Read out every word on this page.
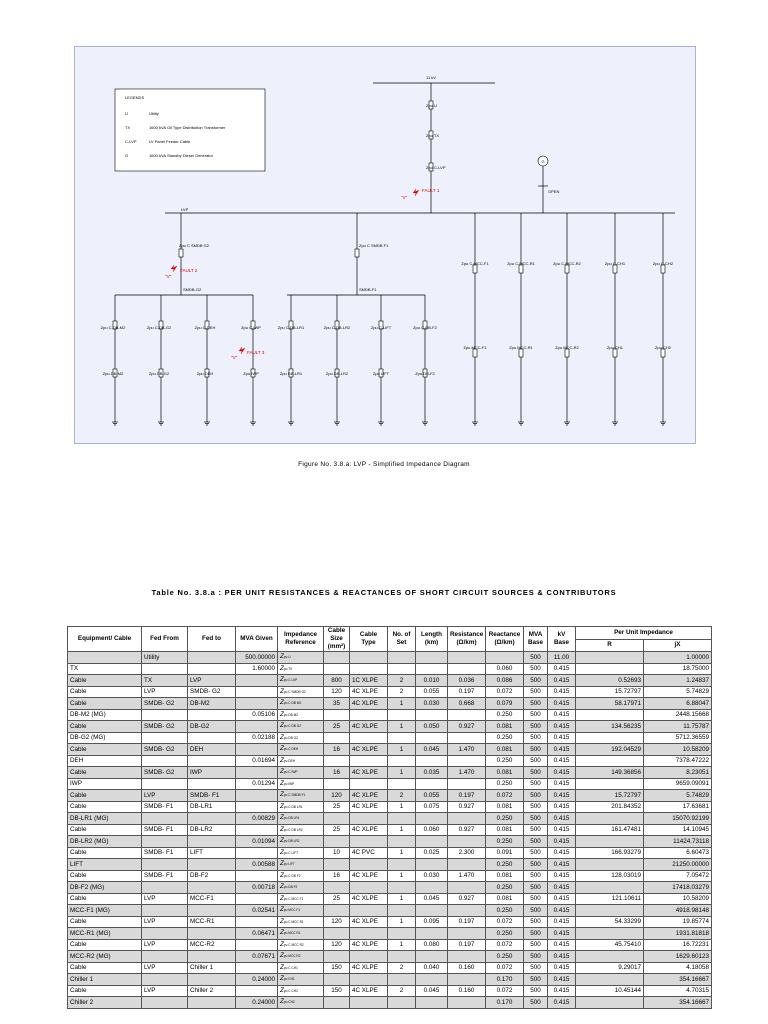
LEGENDS
U	Utility
TX	1600 kVA Oil Type Distribution Transformer
C-LVP	LV Panel Feeder Cable
G	1600 kVA Standby Diesel Generator
11 kV
Zpu U
Zpu TX
Zpu C-LVP
FAULT 1
"V"
G
OPEN
LVP
Zpu C SMDB G2
FAULT 2
"V"
SMDB-G2
Zpu C-DB-M2
Zpu DB-M2
Zpu C-DB-G2
Zpu DB-G2
Zpu C-DEH
Zpu DEH
Zpu C-IWP
Zpu IWP
FAULT 3
"V"
Zpu C SMDB F1
SMDB-F1
Zpu C-DB-LR1
Zpu DB-LR1
Zpu C-DB-LR2
Zpu DB-LR2
Zpu C-LIFT
Zpu LIFT
Zpu C-DB-F2
Zpu DB-F2
Zpu C-MCC-F1
Zpu MCC-F1
Zpu C-MCC-R1
Zpu MCC-R1
Zpu C-MCC-R2
Zpu MCC-R2
Zpu C-CH1
Zpu CH1
Zpu C-CH2
Zpu CH2
Figure No. 3.8.a: LVP - Simplified Impedance Diagram
Table No. 3.8.a : PER UNIT RESISTANCES & REACTANCES OF SHORT CIRCUIT SOURCES & CONTRIBUTORS
Equipment/ Cable	Fed From	Fed to	MVA Given	Impedance Reference	Cable Size (mm²)	Cable Type	No. of Set	Length (km)	Resistance (Ω/km)	Reactance (Ω/km)	MVA Base	kV Base	Per Unit Impedance	
													R	jX
	Utility		500.00000	Zpu U							500	11.00		1.00000
TX			1.60000	Zpu TX						0.060	500	0.415		18.75000
Cable	TX	LVP		Zpu C LVP	800	1C XLPE	2	0.010	0.036	0.086	500	0.415	0.52693	1.24837
Cable	LVP	SMDB- G2		Zpu C SMDB G2	120	4C XLPE	2	0.055	0.197	0.072	500	0.415	15.72797	5.74829
Cable	SMDB- G2	DB-M2		Zpu C DB M2	35	4C XLPE	1	0.030	0.668	0.079	500	0.415	58.17971	6.88047
DB-M2 (MG)			0.05106	Zpu DB M2						0.250	500	0.415		2448.15668
Cable	SMDB- G2	DB-G2		Zpu C DB G2	25	4C XLPE	1	0.050	0.927	0.081	500	0.415	134.56235	11.75787
DB-G2 (MG)			0.02188	Zpu DB G2						0.250	500	0.415		5712.36559
Cable	SMDB- G2	DEH		Zpu C DEH	16	4C XLPE	1	0.045	1.470	0.081	500	0.415	192.04529	10.58209
DEH			0.01694	Zpu DEH						0.250	500	0.415		7378.47222
Cable	SMDB- G2	IWP		Zpu C IWP	16	4C XLPE	1	0.035	1.470	0.081	500	0.415	149.36856	8.23051
IWP			0.01294	Zpu IWP						0.250	500	0.415		9659.09091
Cable	LVP	SMDB- F1		Zpu C SMDB F1	120	4C XLPE	2	0.055	0.197	0.072	500	0.415	15.72797	5.74829
Cable	SMDB- F1	DB-LR1		Zpu C DB LR1	25	4C XLPE	1	0.075	0.927	0.081	500	0.415	201.84352	17.63681
DB-LR1 (MG)			0.00829	Zpu DB LR1						0.250	500	0.415		15070.92199
Cable	SMDB- F1	DB-LR2		Zpu C DB LR2	25	4C XLPE	1	0.060	0.927	0.081	500	0.415	161.47481	14.10945
DB-LR2 (MG)			0.01094	Zpu DB LR2						0.250	500	0.415		11424.73118
Cable	SMDB- F1	LIFT		Zpu C LIFT	10	4C PVC	1	0.025	2.300	0.091	500	0.415	166.93279	6.60473
LIFT			0.00588	Zpu LIFT						0.250	500	0.415		21250.00000
Cable	SMDB- F1	DB-F2		Zpu C DB F2	16	4C XLPE	1	0.030	1.470	0.081	500	0.415	128.03019	7.05472
DB-F2 (MG)			0.00718	Zpu DB F2						0.250	500	0.415		17418.03279
Cable	LVP	MCC-F1		Zpu C MCC F1	25	4C XLPE	1	0.045	0.927	0.081	500	0.415	121.10611	10.58209
MCC-F1 (MG)			0.02541	Zpu MCC F1						0.250	500	0.415		4918.98148
Cable	LVP	MCC-R1		Zpu C MCC R1	120	4C XLPE	1	0.095	0.197	0.072	500	0.415	54.33299	19.85774
MCC-R1 (MG)			0.06471	Zpu MCC R1						0.250	500	0.415		1931.81818
Cable	LVP	MCC-R2		Zpu C MCC R2	120	4C XLPE	1	0.080	0.197	0.072	500	0.415	45.75410	16.72231
MCC-R2 (MG)			0.07671	Zpu MCC R2						0.250	500	0.415		1629.60123
Cable	LVP	Chiller 1		Zpu C CH1	150	4C XLPE	2	0.040	0.160	0.072	500	0.415	9.29017	4.18058
Chiller 1			0.24000	Zpu CH1						0.170	500	0.415		354.16667
Cable	LVP	Chiller 2		Zpu C CH2	150	4C XLPE	2	0.045	0.160	0.072	500	0.415	10.45144	4.70315
Chiller 2			0.24000	Zpu CH2						0.170	500	0.415		354.16667
